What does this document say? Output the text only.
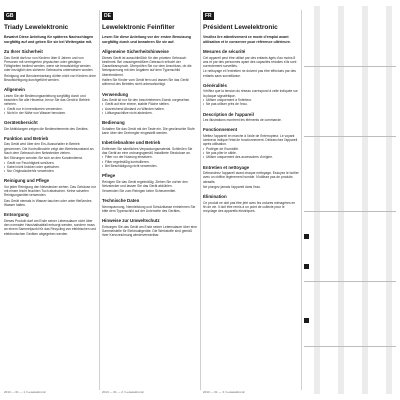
GB
Triady Lewelektronic
Bewahrt Diese Anleitung für späteres Nachschlagen sorgfältig auf und geben Sie sie bei Weitergabe mit.
Zu Ihrer Sicherheit
Das Gerät darf nur von Kindern über 8 Jahren und von Personen mit verringerten physischen oder geistigen Fähigkeiten bedient werden, wenn sie beaufsichtigt werden oder bezüglich des sicheren Gebrauchs unterwiesen wurden.
Reinigung und Benutzerwartung dürfen nicht von Kindern ohne Beaufsichtigung durchgeführt werden.
Allgemein
Lesen Sie die Bedienungsanleitung sorgfältig durch und beachten Sie alle Hinweise, bevor Sie das Gerät in Betrieb nehmen.
• Gerät nur in Innenräumen verwenden.
• Nicht in der Nähe von Wasser benutzen.
Geräteübersicht
Die Abbildungen zeigen die Bedienelemente des Gerätes.
Funktion und Betrieb
Das Gerät wird über den Ein-/Ausschalter in Betrieb genommen. Die Kontrollleuchte zeigt den Betriebszustand an. Nach dem Gebrauch den Netzstecker ziehen.
Bei Störungen wenden Sie sich an den Kundendienst.
• Gerät vor Feuchtigkeit schützen.
• Kabel nicht knicken oder quetschen.
• Nur Originalzubehör verwenden.
Reinigung und Pflege
Vor jeder Reinigung den Netzstecker ziehen. Das Gehäuse nur mit einem leicht feuchten Tuch abwischen. Keine scharfen Reinigungsmittel verwenden.
Das Gerät niemals in Wasser tauchen oder unter fließendes Wasser halten.
Entsorgung
Dieses Produkt darf am Ende seiner Lebensdauer nicht über den normalen Haushaltsabfall entsorgt werden, sondern muss an einem Sammelpunkt für das Recycling von elektrischen und elektronischen Geräten abgegeben werden.
2013 — 01 — 1 / Lewelektronic
DE
Lewelektronic Feinfilter
Lesen Sie diese Anleitung vor der ersten Benutzung sorgfältig durch und bewahren Sie sie auf.
Allgemeine Sicherheitshinweise
Dieses Gerät ist ausschließlich für den privaten Gebrauch bestimmt. Bei unsachgemäßem Gebrauch erlischt der Garantieanspruch. Überprüfen Sie vor dem Anschluss, ob die Netzspannung mit den Angaben auf dem Typenschild übereinstimmt.
Halten Sie Kinder vom Gerät fern und lassen Sie das Gerät während des Betriebs nicht unbeaufsichtigt.
Verwendung
Das Gerät ist nur für den beschriebenen Zweck vorgesehen.
• Gerät auf eine ebene, stabile Fläche stellen.
• Ausreichend Abstand zu Wänden halten.
• Lüftungsschlitze nicht abdecken.
Bedienung
Schalten Sie das Gerät mit der Taste ein. Die gewünschte Stufe kann über den Drehregler eingestellt werden.
Inbetriebnahme und Betrieb
Entfernen Sie sämtliches Verpackungsmaterial. Schließen Sie das Gerät an eine ordnungsgemäß installierte Steckdose an.
• Filter vor der Nutzung einsetzen.
• Filter regelmäßig kontrollieren.
• Bei Beschädigung nicht verwenden.
Pflege
Reinigen Sie das Gerät regelmäßig. Ziehen Sie vorher den Netzstecker und lassen Sie das Gerät abkühlen.
Verwenden Sie zum Reinigen keine Scheuermittel.
Technische Daten
Nennspannung, Nennleistung und Schutzklasse entnehmen Sie bitte dem Typenschild auf der Unterseite des Gerätes.
Hinweise zur Umweltschutz
Entsorgen Sie das Gerät am Ende seiner Lebensdauer über eine Sammelstelle für Elektroaltgeräte. Die Werkstoffe sind gemäß ihrer Kennzeichnung wiederverwertbar.
2013 — 01 — 2 / Lewelektronic
FR
Président Lewelektronic
Veuillez lire attentivement ce mode d'emploi avant utilisation et le conserver pour référence ultérieure.
Mesures de sécurité
Cet appareil peut être utilisé par des enfants âgés d'au moins 8 ans et par des personnes ayant des capacités réduites s'ils sont correctement surveillés.
Le nettoyage et l'entretien ne doivent pas être effectués par des enfants sans surveillance.
Généralités
Vérifiez que la tension du réseau correspond à celle indiquée sur la plaque signalétique.
• Utiliser uniquement à l'intérieur.
• Ne pas utiliser près de l'eau.
Description de l'appareil
Les illustrations montrent les éléments de commande.
Fonctionnement
Mettez l'appareil en marche à l'aide de l'interrupteur. Le voyant lumineux indique l'état de fonctionnement. Débranchez l'appareil après utilisation.
• Protéger de l'humidité.
• Ne pas plier le câble.
• Utiliser uniquement des accessoires d'origine.
Entretien et nettoyage
Débranchez l'appareil avant chaque nettoyage. Essuyez le boîtier avec un chiffon légèrement humide. N'utilisez pas de produits abrasifs.
Ne plongez jamais l'appareil dans l'eau.
Élimination
Ce produit ne doit pas être jeté avec les ordures ménagères en fin de vie. Il doit être remis à un point de collecte pour le recyclage des appareils électriques.
2013 — 01 — 3 / Lewelektronic
